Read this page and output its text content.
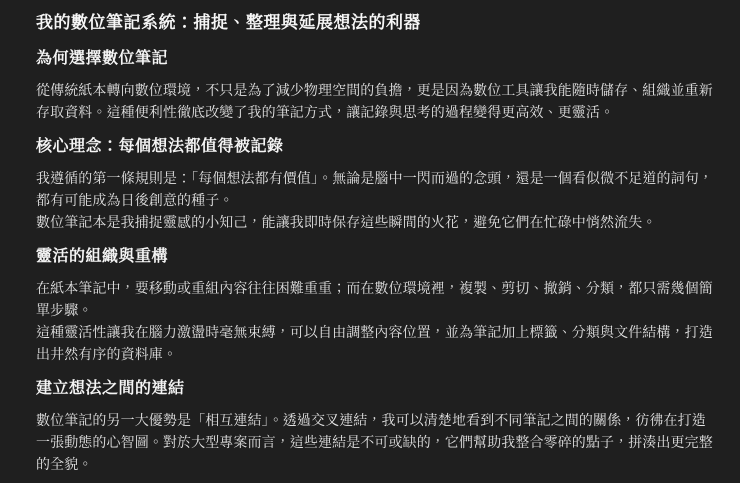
我的數位筆記系統：捕捉、整理與延展想法的利器
為何選擇數位筆記
從傳統紙本轉向數位環境，不只是為了減少物理空間的負擔，更是因為數位工具讓我能隨時儲存、組織並重新
存取資料。這種便利性徹底改變了我的筆記方式，讓記錄與思考的過程變得更高效、更靈活。
核心理念：每個想法都值得被記錄
我遵循的第一條規則是：「每個想法都有價值」。無論是腦中一閃而過的念頭，還是一個看似微不足道的詞句，
都有可能成為日後創意的種子。
數位筆記本是我捕捉靈感的小知己，能讓我即時保存這些瞬間的火花，避免它們在忙碌中悄然流失。
靈活的組織與重構
在紙本筆記中，要移動或重組內容往往困難重重；而在數位環境裡，複製、剪切、撤銷、分類，都只需幾個簡
單步驟。
這種靈活性讓我在腦力激盪時毫無束縛，可以自由調整內容位置，並為筆記加上標籤、分類與文件結構，打造
出井然有序的資料庫。
建立想法之間的連結
數位筆記的另一大優勢是「相互連結」。透過交叉連結，我可以清楚地看到不同筆記之間的關係，彷彿在打造
一張動態的心智圖。對於大型專案而言，這些連結是不可或缺的，它們幫助我整合零碎的點子，拼湊出更完整
的全貌。
